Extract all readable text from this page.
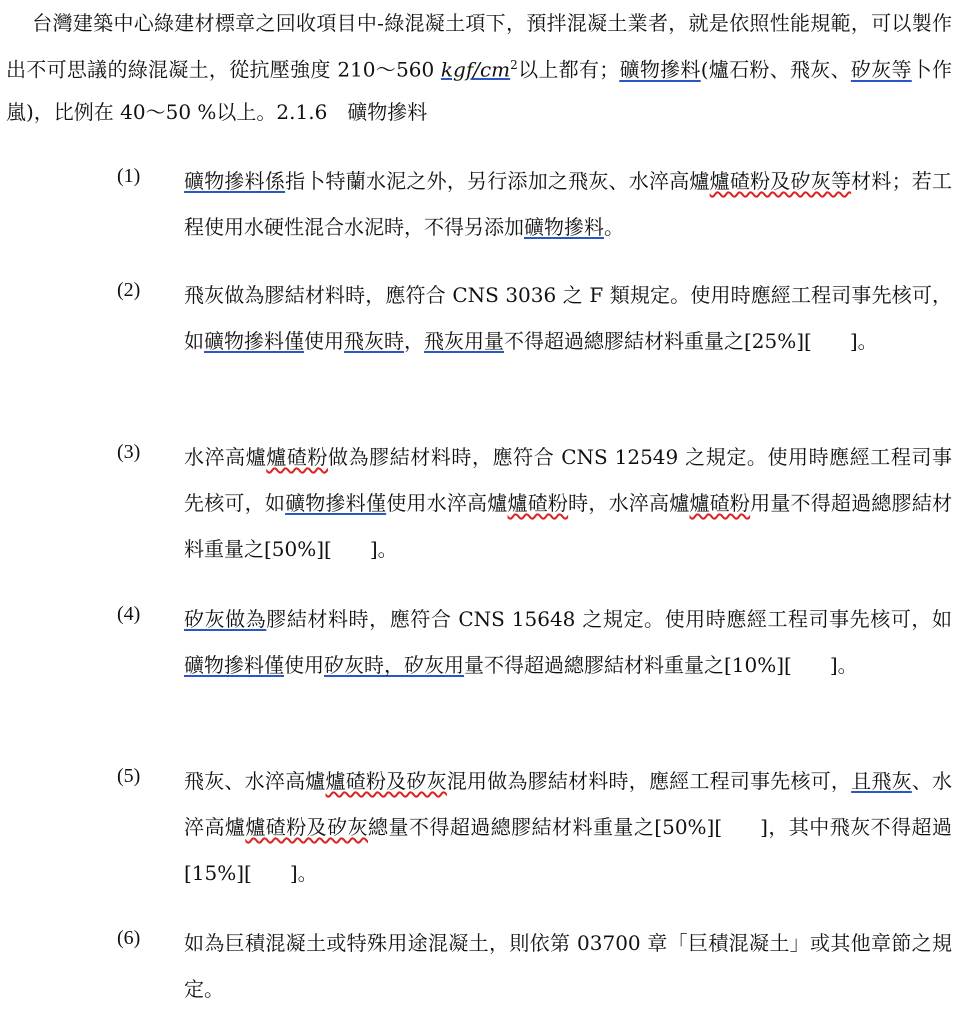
台灣建築中心綠建材標章之回收項目中-綠混凝土項下，預拌混凝土業者，就是依照性能規範，可以製作出不可思議的綠混凝土，從抗壓強度 210～560 kgf/$cm^2$以上都有；礦物摻料(爐石粉、飛灰、矽灰等卜作嵐)，比例在 40～50 %以上。2.1.6　礦物摻料
(1) 礦物摻料係指卜特蘭水泥之外，另行添加之飛灰、水淬高爐爐碴粉及矽灰等材料；若工程使用水硬性混合水泥時，不得另添加礦物摻料。
(2) 飛灰做為膠結材料時，應符合 CNS 3036 之 F 類規定。使用時應經工程司事先核可，如礦物摻料僅使用飛灰時，飛灰用量不得超過總膠結材料重量之[25%][ ]。
(3) 水淬高爐爐碴粉做為膠結材料時，應符合 CNS 12549 之規定。使用時應經工程司事先核可，如礦物摻料僅使用水淬高爐爐碴粉時，水淬高爐爐碴粉用量不得超過總膠結材料重量之[50%][ ]。
(4) 矽灰做為膠結材料時，應符合 CNS 15648 之規定。使用時應經工程司事先核可，如礦物摻料僅使用矽灰時，矽灰用量不得超過總膠結材料重量之[10%][ ]。
(5) 飛灰、水淬高爐爐碴粉及矽灰混用做為膠結材料時，應經工程司事先核可，且飛灰、水淬高爐爐碴粉及矽灰總量不得超過總膠結材料重量之[50%][ ]，其中飛灰不得超過[15%][ ]。
(6) 如為巨積混凝土或特殊用途混凝土，則依第 03700 章「巨積混凝土」或其他章節之規定。
